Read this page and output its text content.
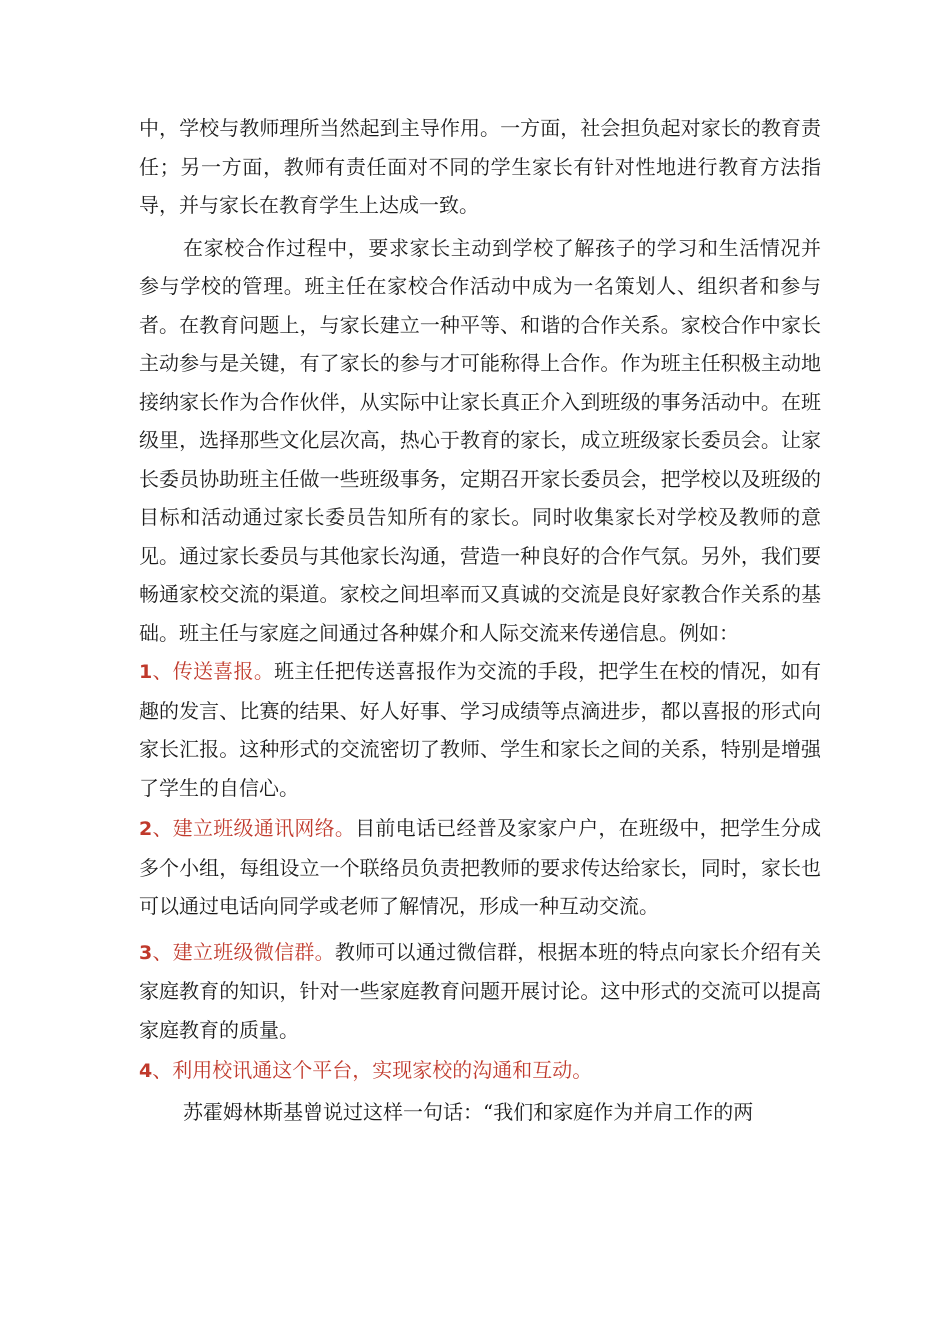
中，学校与教师理所当然起到主导作用。一方面，社会担负起对家长的教育责任；另一方面，教师有责任面对不同的学生家长有针对性地进行教育方法指导，并与家长在教育学生上达成一致。

在家校合作过程中，要求家长主动到学校了解孩子的学习和生活情况并参与学校的管理。班主任在家校合作活动中成为一名策划人、组织者和参与者。在教育问题上，与家长建立一种平等、和谐的合作关系。家校合作中家长主动参与是关键，有了家长的参与才可能称得上合作。作为班主任积极主动地接纳家长作为合作伙伴，从实际中让家长真正介入到班级的事务活动中。在班级里，选择那些文化层次高，热心于教育的家长，成立班级家长委员会。让家长委员协助班主任做一些班级事务，定期召开家长委员会，把学校以及班级的目标和活动通过家长委员告知所有的家长。同时收集家长对学校及教师的意见。通过家长委员与其他家长沟通，营造一种良好的合作气氛。另外，我们要畅通家校交流的渠道。家校之间坦率而又真诚的交流是良好家教合作关系的基础。班主任与家庭之间通过各种媒介和人际交流来传递信息。例如：

1、传送喜报。班主任把传送喜报作为交流的手段，把学生在校的情况，如有趣的发言、比赛的结果、好人好事、学习成绩等点滴进步，都以喜报的形式向家长汇报。这种形式的交流密切了教师、学生和家长之间的关系，特别是增强了学生的自信心。

2、建立班级通讯网络。目前电话已经普及家家户户，在班级中，把学生分成多个小组，每组设立一个联络员负责把教师的要求传达给家长，同时，家长也可以通过电话向同学或老师了解情况，形成一种互动交流。

3、建立班级微信群。教师可以通过微信群，根据本班的特点向家长介绍有关家庭教育的知识，针对一些家庭教育问题开展讨论。这中形式的交流可以提高家庭教育的质量。

4、利用校讯通这个平台，实现家校的沟通和互动。

苏霍姆林斯基曾说过这样一句话：“我们和家庭作为并肩工作的两
